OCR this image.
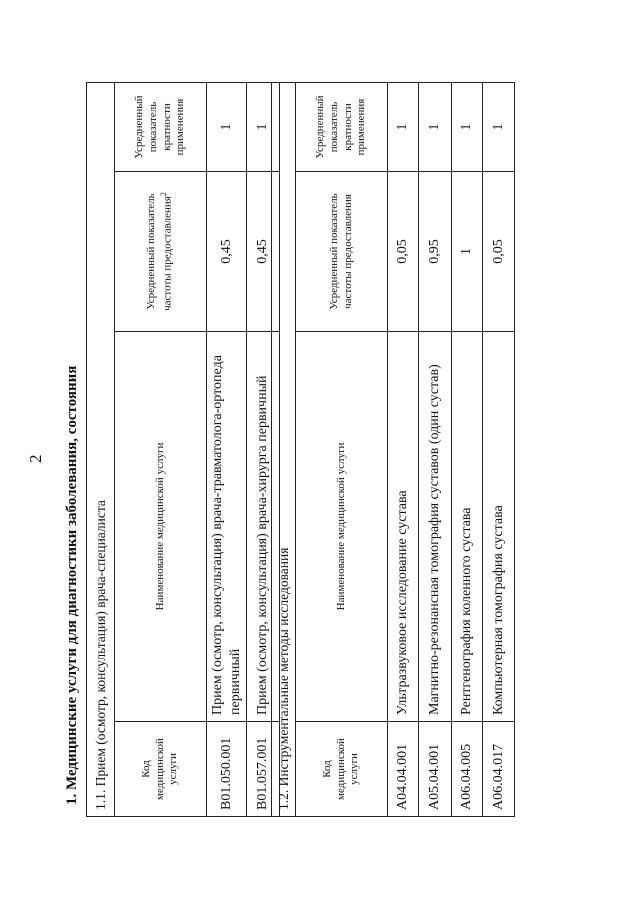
2 1. Медицинские услуги для диагностики заболевания, состояния 1.1. Прием (осмотр, консультация) врача-специалиста			
Код медицинской услуги	Наименование медицинской услуги	Усредненный показатель частоты предоставления$^2$	Усредненный показатель кратности применения
B01.050.001	Прием (осмотр, консультация) врача-травматолога-ортопеда первичный	0,45	1
B01.057.001	Прием (осмотр, консультация) врача-хирурга первичный	0,45	1
1.2. Инструментальные методы исследования			
Код медицинской услуги	Наименование медицинской услуги	Усредненный показатель частоты предоставления	Усредненный показатель кратности применения
A04.04.001	Ультразвуковое исследование сустава	0,05	1
A05.04.001	Магнитно-резонансная томография суставов (один сустав)	0,95	1
A06.04.005	Рентгенография коленного сустава	1	1
A06.04.017	Компьютерная томография сустава	0,05	1
